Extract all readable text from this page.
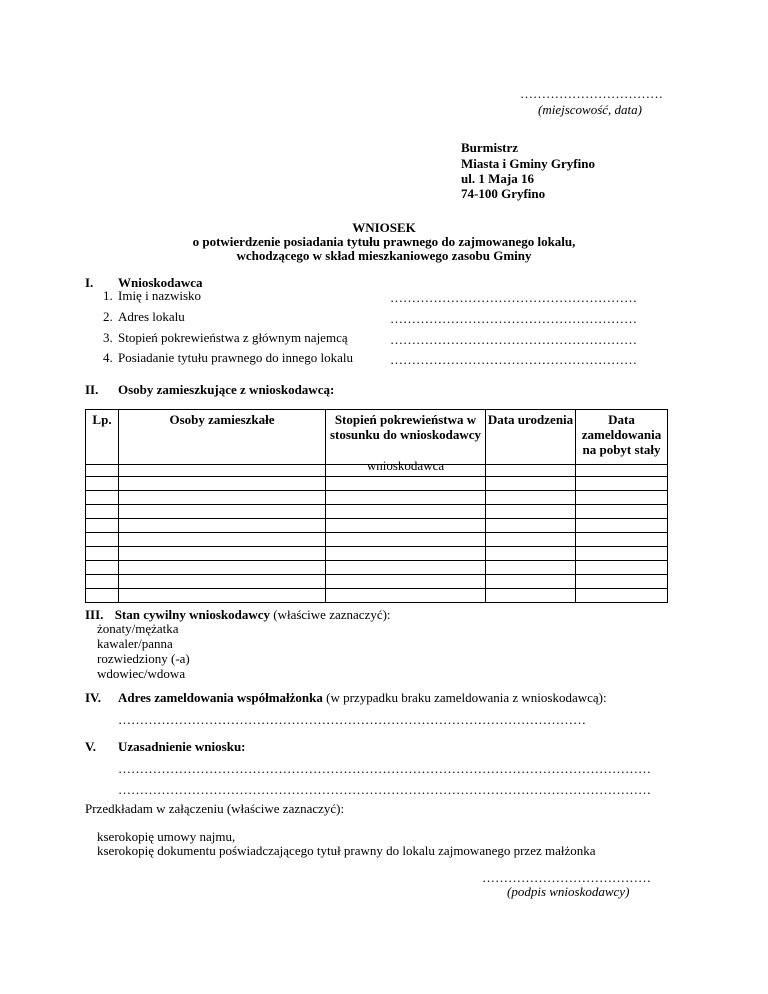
……………………………
(miejscowość, data)
Burmistrz
Miasta i Gminy Gryfino
ul. 1 Maja 16
74-100 Gryfino
WNIOSEK
o potwierdzenie posiadania tytułu prawnego do zajmowanego lokalu,
wchodzącego w skład mieszkaniowego zasobu Gminy
I. Wnioskodawca
1. Imię i nazwisko	…………………………………………………
2. Adres lokalu	…………………………………………………
3. Stopień pokrewieństwa z głównym najemcą	…………………………………………………
4. Posiadanie tytułu prawnego do innego lokalu	…………………………………………………
II. Osoby zamieszkujące z wnioskodawcą:
Lp.	Osoby zamieszkałe	Stopień pokrewieństwa w stosunku do wnioskodawcy	Data urodzenia	Data zameldowania na pobyt stały
		wnioskodawca		

III. Stan cywilny wnioskodawcy (właściwe zaznaczyć):
żonaty/mężatka
kawaler/panna
rozwiedziony (-a)
wdowiec/wdowa
IV. Adres zameldowania współmałżonka (w przypadku braku zameldowania z wnioskodawcą):
………………………………………………………………………………………………
V. Uzasadnienie wniosku:
……………………………………………………………………………………………………………
……………………………………………………………………………………………………………
Przedkładam w załączeniu (właściwe zaznaczyć):
kserokopię umowy najmu,
kserokopię dokumentu poświadczającego tytuł prawny do lokalu zajmowanego przez małżonka
…………………………………
(podpis wnioskodawcy)
